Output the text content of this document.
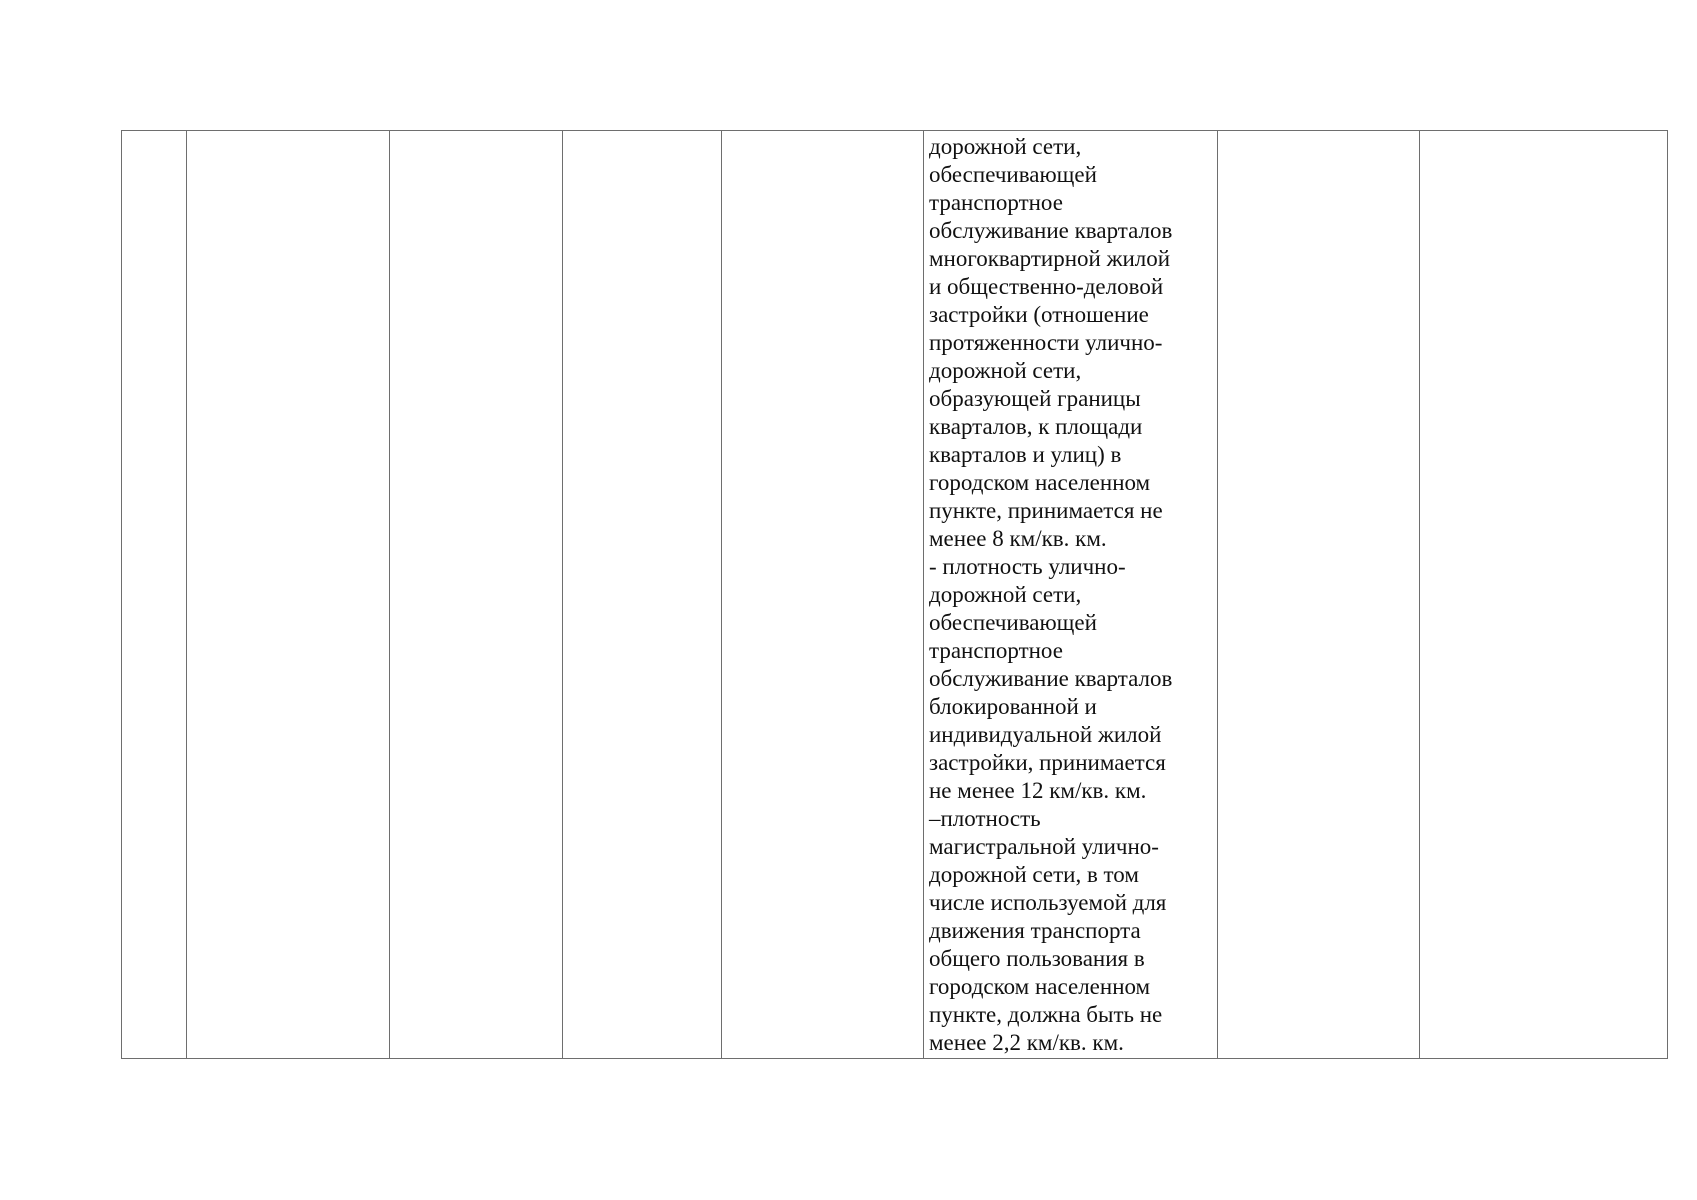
дорожной сети,
обеспечивающей
транспортное
обслуживание кварталов
многоквартирной жилой
и общественно-деловой
застройки (отношение
протяженности улично-
дорожной сети,
образующей границы
кварталов, к площади
кварталов и улиц) в
городском населенном
пункте, принимается не
менее 8 км/кв. км.
- плотность улично-
дорожной сети,
обеспечивающей
транспортное
обслуживание кварталов
блокированной и
индивидуальной жилой
застройки, принимается
не менее 12 км/кв. км.
–плотность
магистральной улично-
дорожной сети, в том
числе используемой для
движения транспорта
общего пользования в
городском населенном
пункте, должна быть не
менее 2,2 км/кв. км.
